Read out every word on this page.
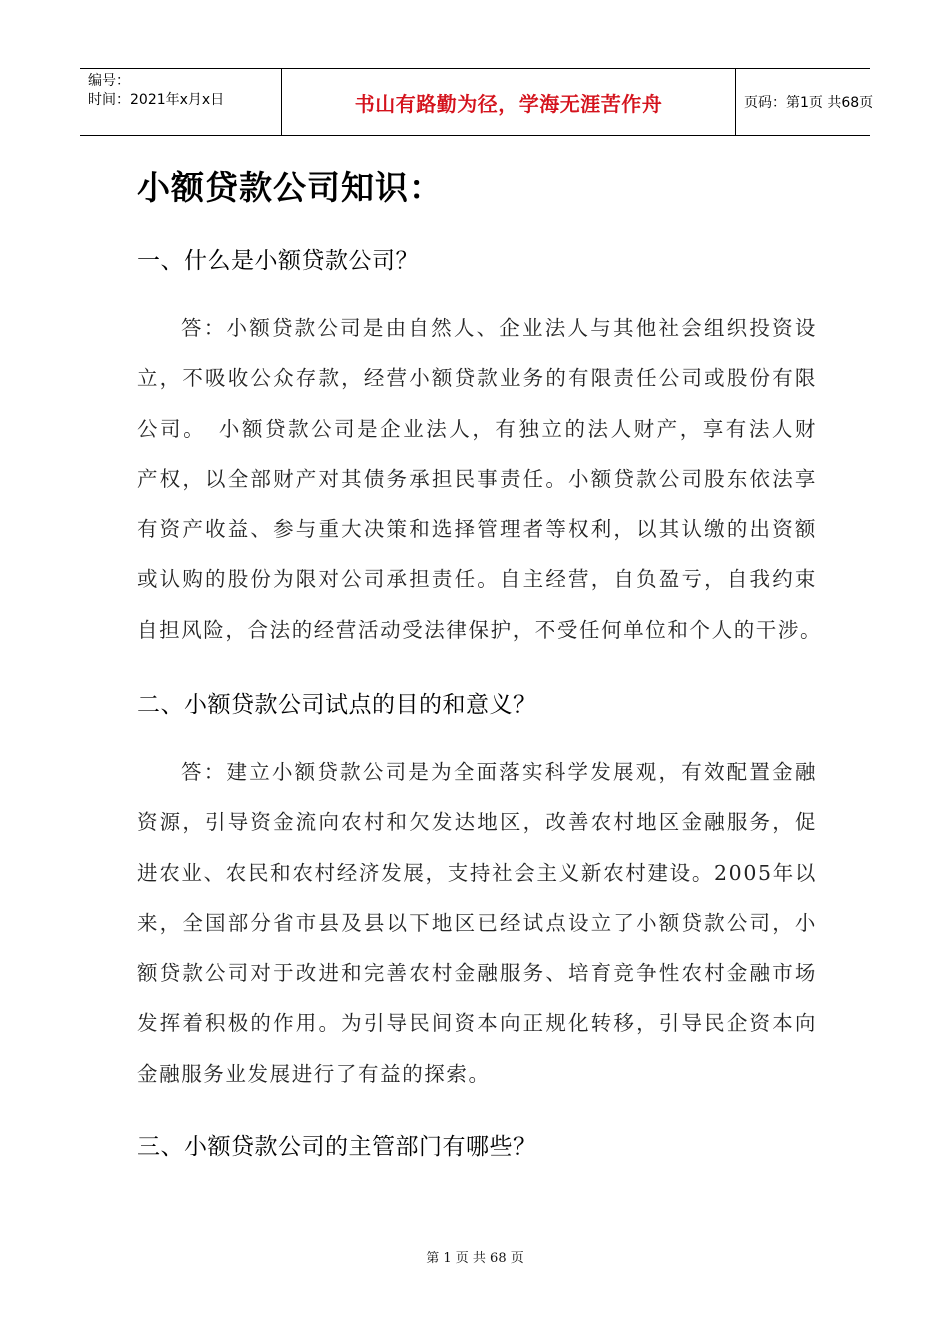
编号：
时间：2021年x月x日	书山有路勤为径，学海无涯苦作舟	页码：第1页 共68页
小额贷款公司知识：
一、什么是小额贷款公司？
答：小额贷款公司是由自然人、企业法人与其他社会组织投资设
立，不吸收公众存款，经营小额贷款业务的有限责任公司或股份有限
公司。　小额贷款公司是企业法人，有独立的法人财产，享有法人财
产权，以全部财产对其债务承担民事责任。小额贷款公司股东依法享
有资产收益、参与重大决策和选择管理者等权利，以其认缴的出资额
或认购的股份为限对公司承担责任。自主经营，自负盈亏，自我约束
自担风险，合法的经营活动受法律保护，不受任何单位和个人的干涉。
二、小额贷款公司试点的目的和意义？
答：建立小额贷款公司是为全面落实科学发展观，有效配置金融
资源，引导资金流向农村和欠发达地区，改善农村地区金融服务，促
进农业、农民和农村经济发展，支持社会主义新农村建设。2005年以
来，全国部分省市县及县以下地区已经试点设立了小额贷款公司，小
额贷款公司对于改进和完善农村金融服务、培育竞争性农村金融市场
发挥着积极的作用。为引导民间资本向正规化转移，引导民企资本向
金融服务业发展进行了有益的探索。
三、小额贷款公司的主管部门有哪些？
第 1 页 共 68 页
